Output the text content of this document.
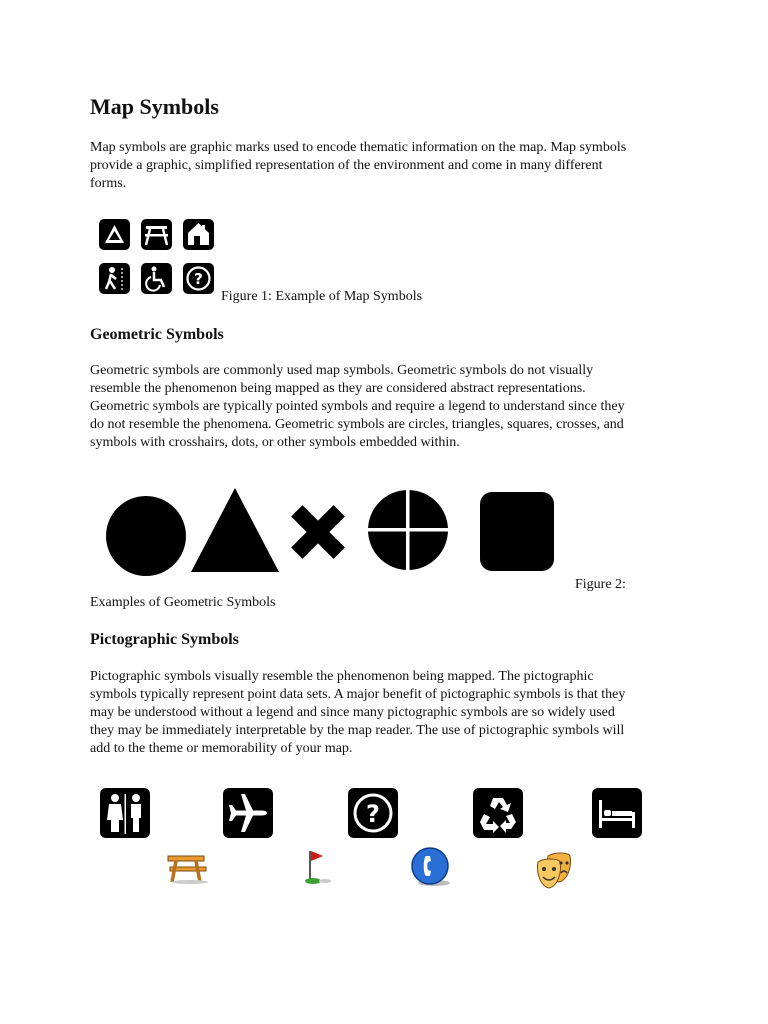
Map Symbols

Map symbols are graphic marks used to encode thematic information on the map. Map symbols
provide a graphic, simplified representation of the environment and come in many different
forms.

?

Figure 1: Example of Map Symbols

Geometric Symbols

Geometric symbols are commonly used map symbols. Geometric symbols do not visually
resemble the phenomenon being mapped as they are considered abstract representations.
Geometric symbols are typically pointed symbols and require a legend to understand since they
do not resemble the phenomena. Geometric symbols are circles, triangles, squares, crosses, and
symbols with crosshairs, dots, or other symbols embedded within.

Figure 2:

Examples of Geometric Symbols

Pictographic Symbols

Pictographic symbols visually resemble the phenomenon being mapped. The pictographic
symbols typically represent point data sets. A major benefit of pictographic symbols is that they
may be understood without a legend and since many pictographic symbols are so widely used
they may be immediately interpretable by the map reader. The use of pictographic symbols will
add to the theme or memorability of your map.

?
